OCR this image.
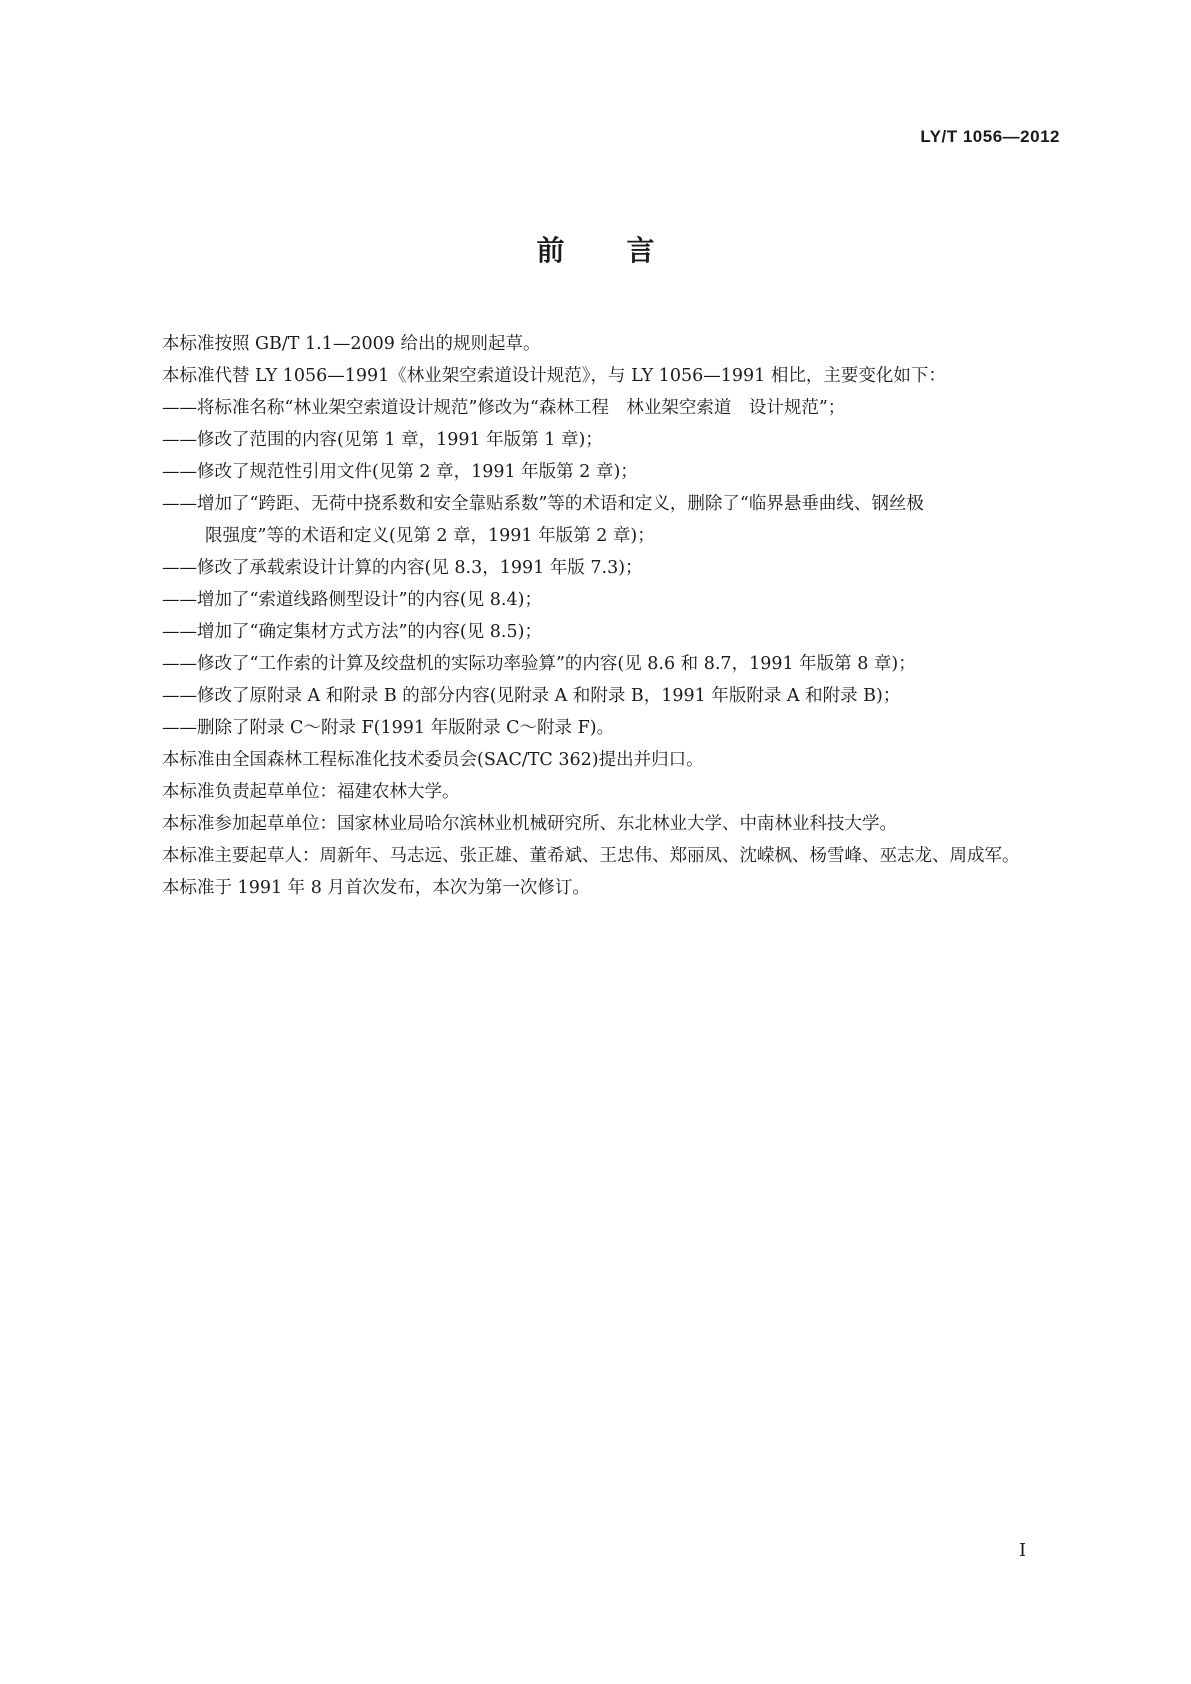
LY/T 1056—2012
前言

本标准按照 GB/T 1.1—2009 给出的规则起草。

本标准代替 LY 1056—1991《林业架空索道设计规范》，与 LY 1056—1991 相比，主要变化如下：

——将标准名称“林业架空索道设计规范”修改为“森林工程　林业架空索道　设计规范”；

——修改了范围的内容(见第 1 章，1991 年版第 1 章)；

——修改了规范性引用文件(见第 2 章，1991 年版第 2 章)；

——增加了“跨距、无荷中挠系数和安全靠贴系数”等的术语和定义，删除了“临界悬垂曲线、钢丝极

限强度”等的术语和定义(见第 2 章，1991 年版第 2 章)；

——修改了承载索设计计算的内容(见 8.3，1991 年版 7.3)；

——增加了“索道线路侧型设计”的内容(见 8.4)；

——增加了“确定集材方式方法”的内容(见 8.5)；

——修改了“工作索的计算及绞盘机的实际功率验算”的内容(见 8.6 和 8.7，1991 年版第 8 章)；

——修改了原附录 A 和附录 B 的部分内容(见附录 A 和附录 B，1991 年版附录 A 和附录 B)；

——删除了附录 C～附录 F(1991 年版附录 C～附录 F)。

本标准由全国森林工程标准化技术委员会(SAC/TC 362)提出并归口。

本标准负责起草单位：福建农林大学。

本标准参加起草单位：国家林业局哈尔滨林业机械研究所、东北林业大学、中南林业科技大学。

本标准主要起草人：周新年、马志远、张正雄、董希斌、王忠伟、郑丽凤、沈嵘枫、杨雪峰、巫志龙、周成军。

本标准于 1991 年 8 月首次发布，本次为第一次修订。

I
